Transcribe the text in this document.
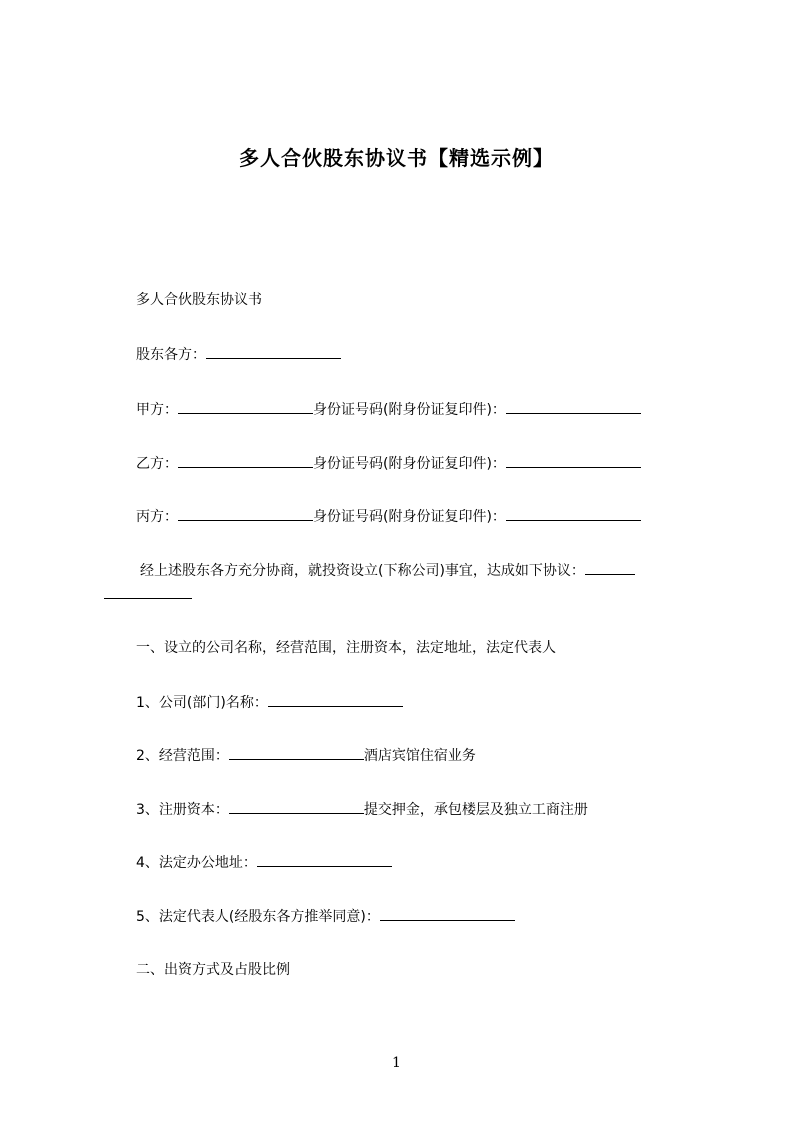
多人合伙股东协议书【精选示例】
多人合伙股东协议书
股东各方：
甲方：	身份证号码(附身份证复印件)：
乙方：	身份证号码(附身份证复印件)：
丙方：	身份证号码(附身份证复印件)：
经上述股东各方充分协商，就投资设立(下称公司)事宜，达成如下协议：
一、设立的公司名称，经营范围，注册资本，法定地址，法定代表人
1、公司(部门)名称：
2、经营范围：	酒店宾馆住宿业务
3、注册资本：	提交押金，承包楼层及独立工商注册
4、法定办公地址：
5、法定代表人(经股东各方推举同意)：
二、出资方式及占股比例
1
